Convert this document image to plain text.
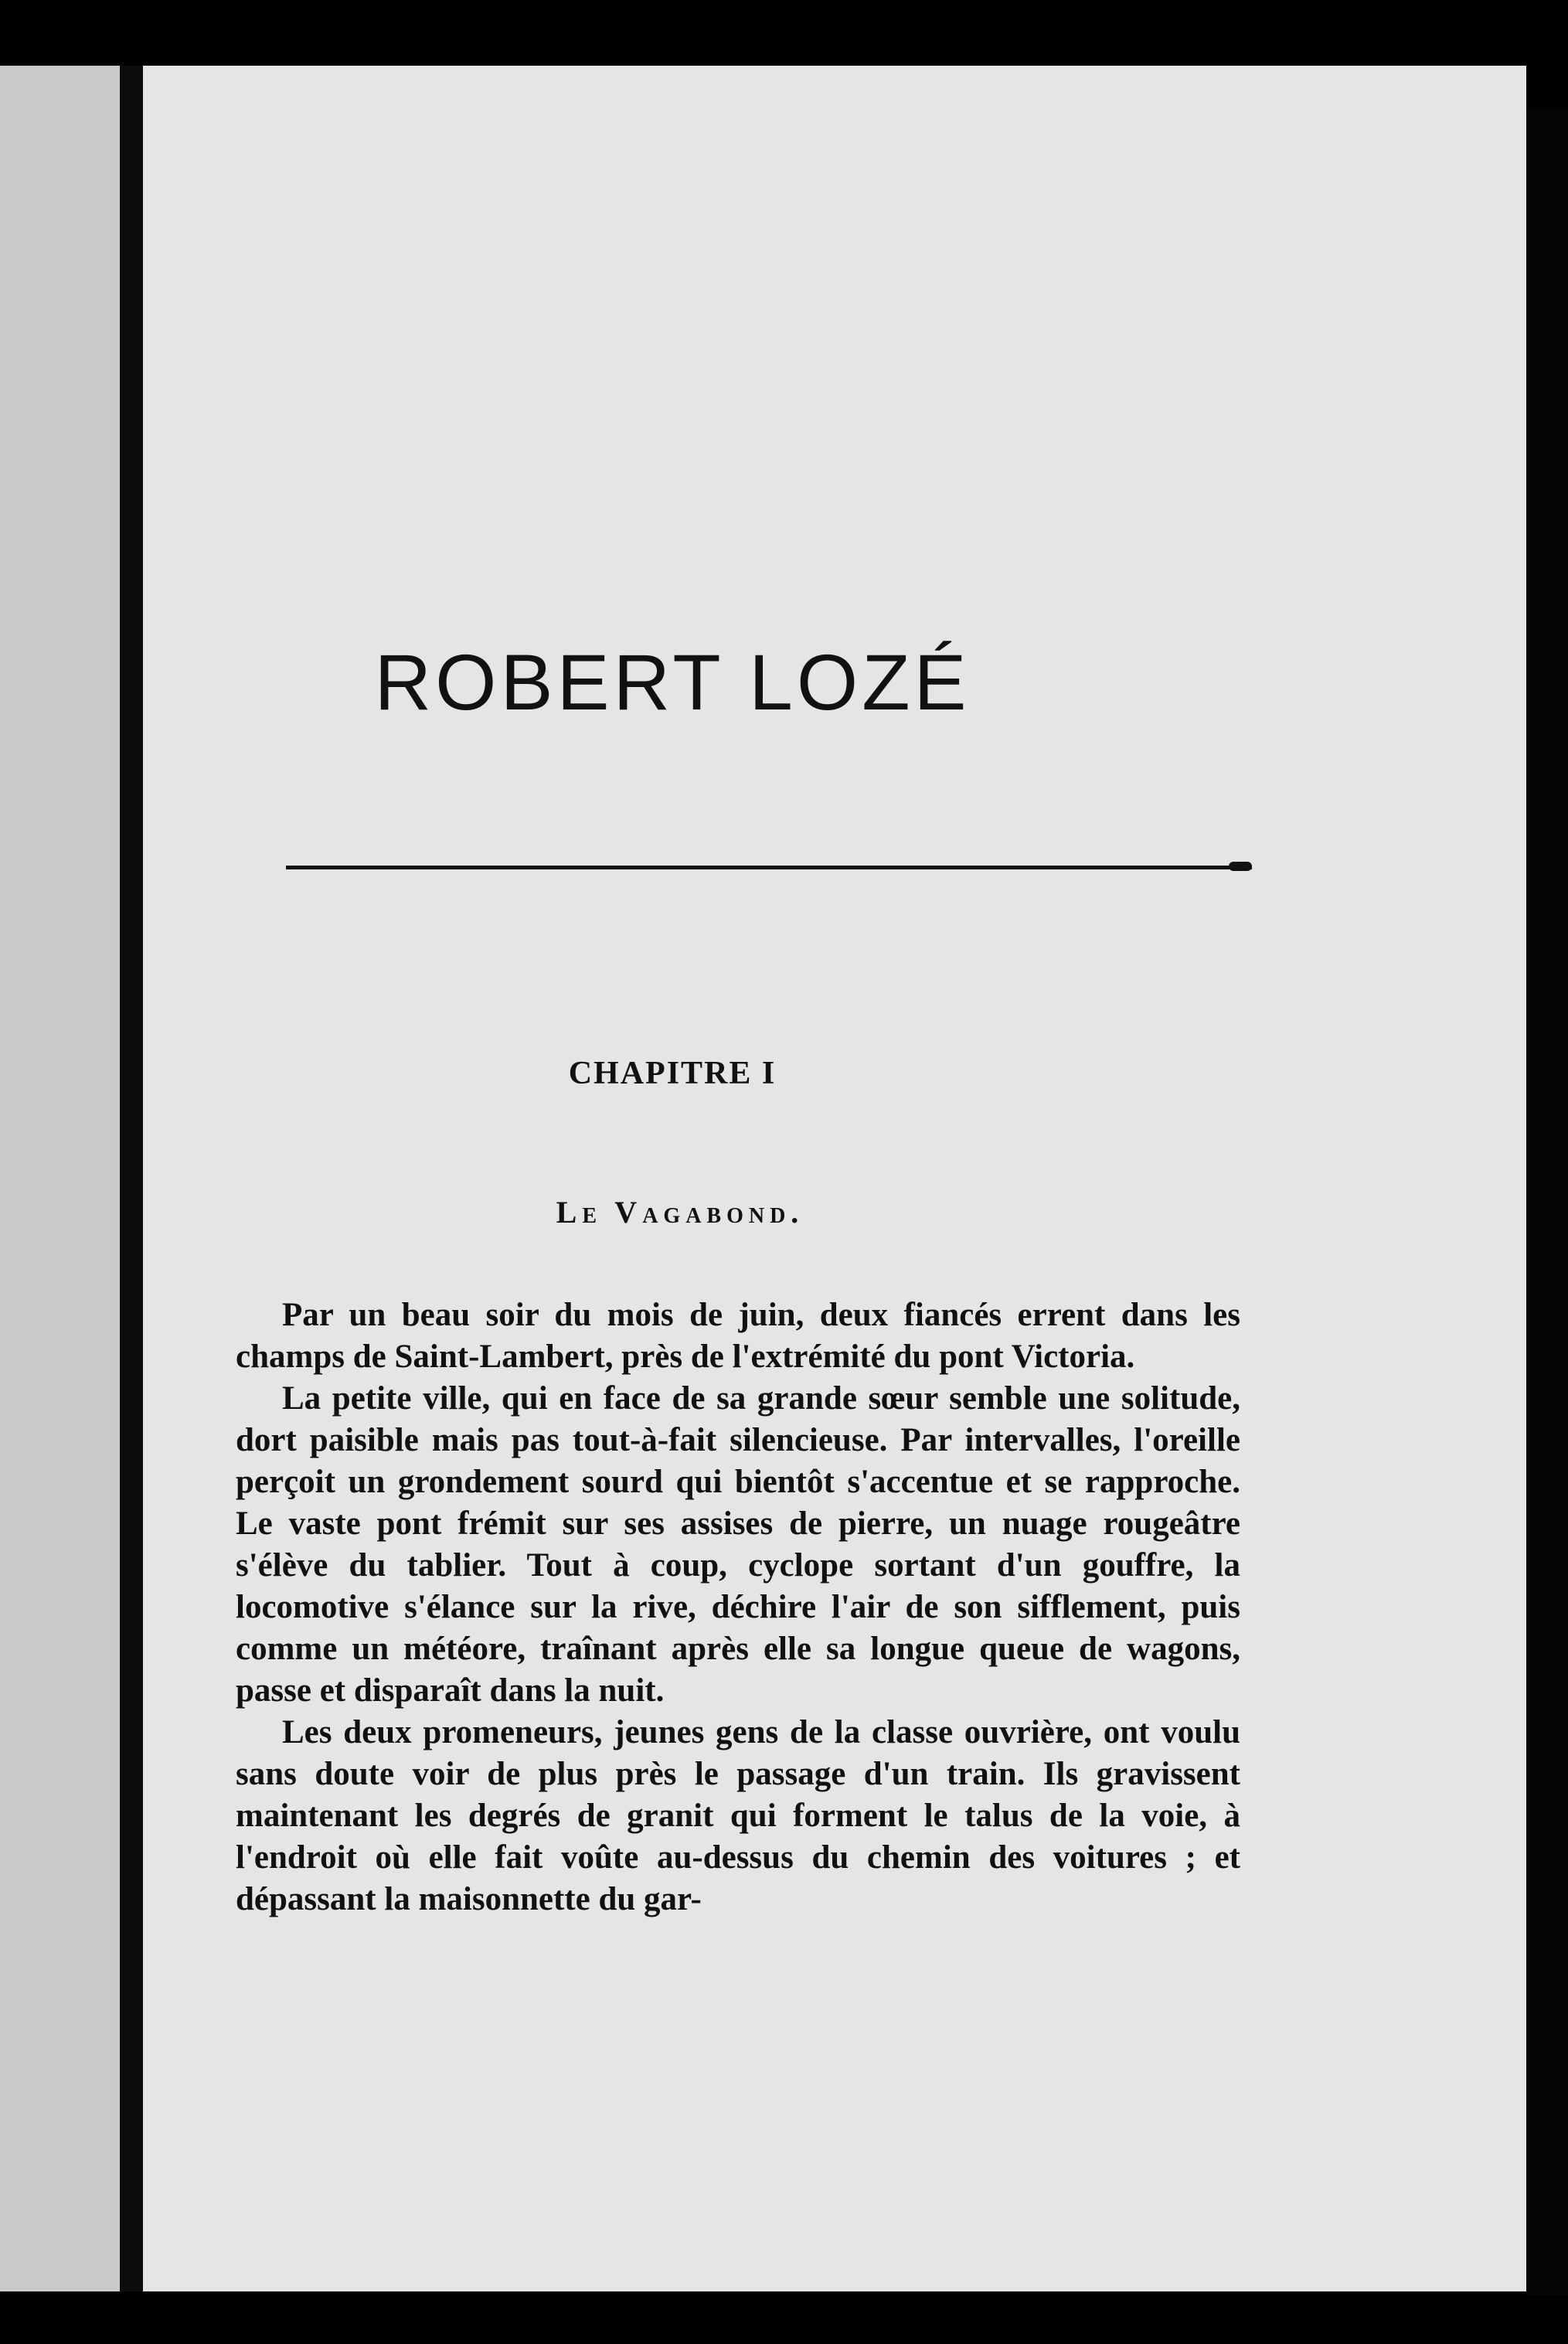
ROBERT LOZÉ
CHAPITRE I
Le Vagabond.

Par un beau soir du mois de juin, deux fiancés errent dans les champs de Saint-Lambert, près de l'extrémité du pont Victoria.

La petite ville, qui en face de sa grande sœur semble une solitude, dort paisible mais pas tout-à-fait silencieuse. Par intervalles, l'oreille perçoit un grondement sourd qui bientôt s'accentue et se rapproche. Le vaste pont frémit sur ses assises de pierre, un nuage rougeâtre s'élève du tablier. Tout à coup, cyclope sortant d'un gouffre, la locomotive s'élance sur la rive, déchire l'air de son sifflement, puis comme un météore, traînant après elle sa longue queue de wagons, passe et disparaît dans la nuit.

Les deux promeneurs, jeunes gens de la classe ouvrière, ont voulu sans doute voir de plus près le passage d'un train. Ils gravissent maintenant les degrés de granit qui forment le talus de la voie, à l'endroit où elle fait voûte au-dessus du chemin des voitures ; et dépassant la maisonnette du gar-
